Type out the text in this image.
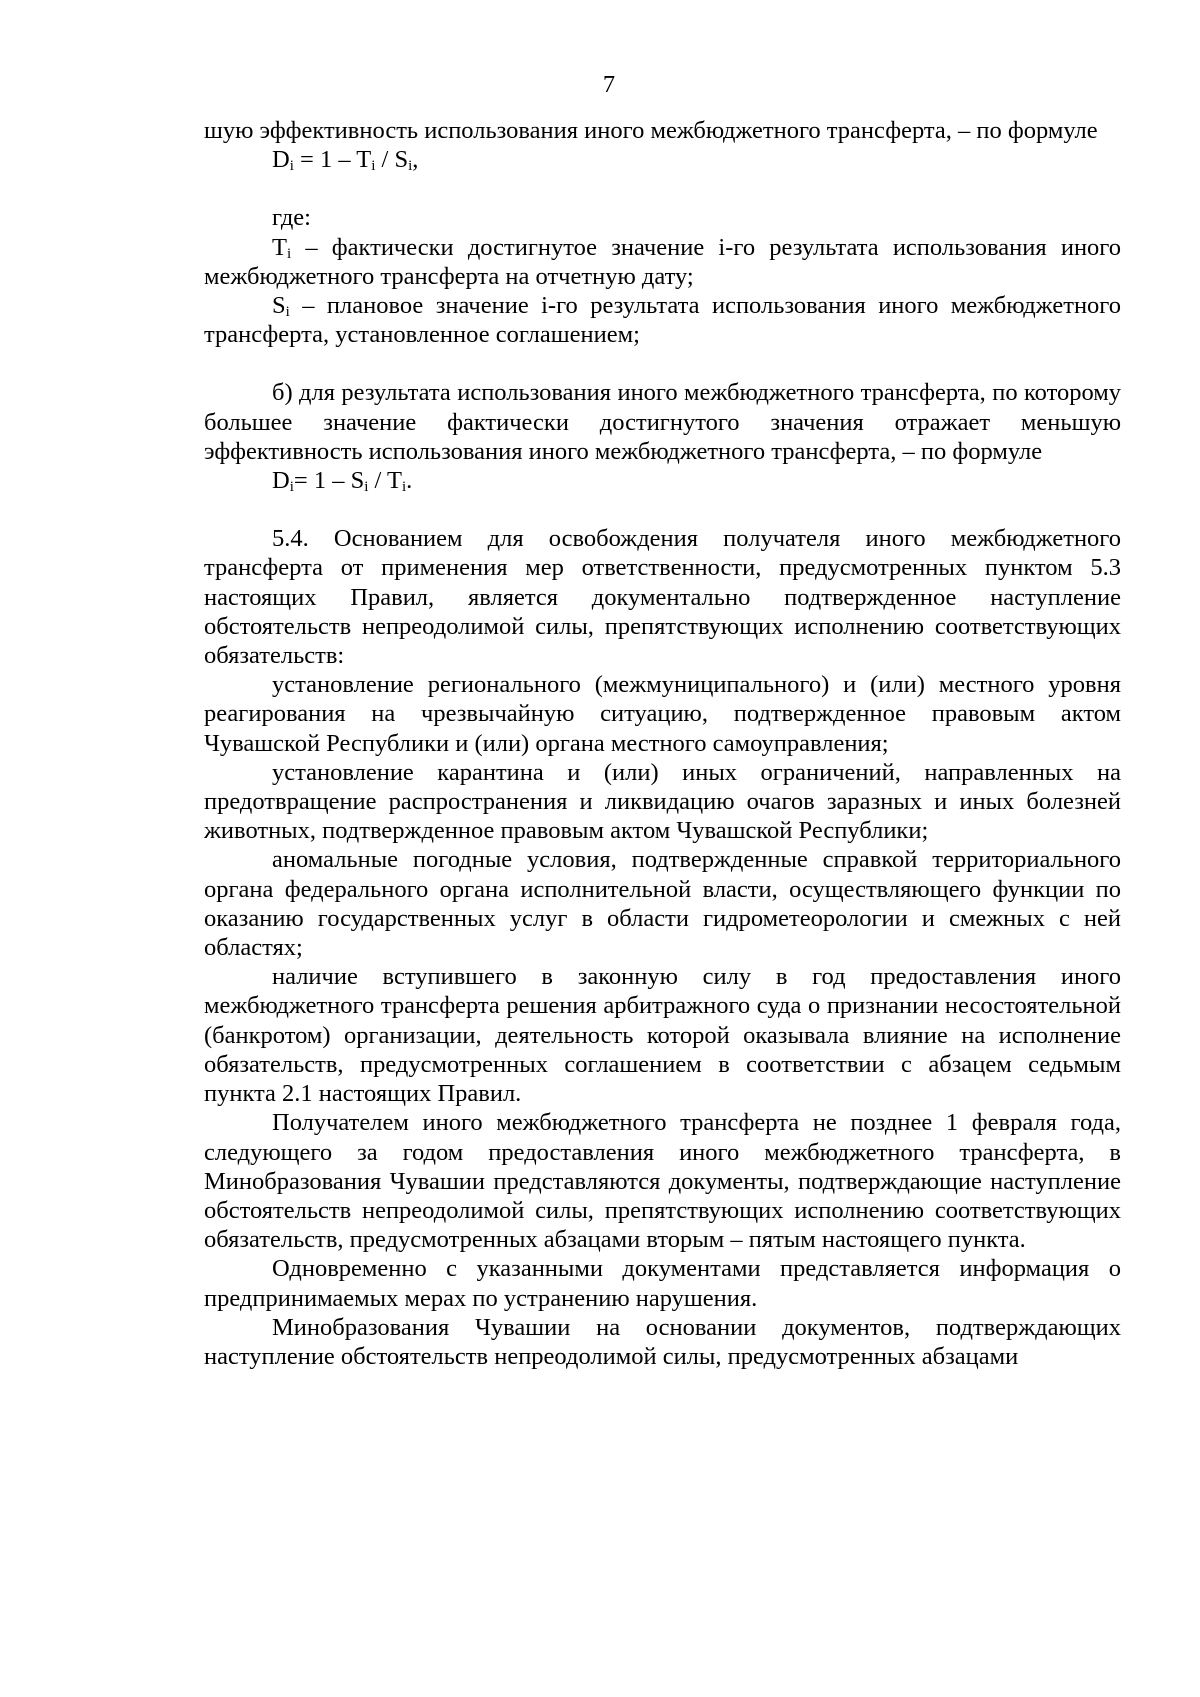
7

шую эффективность использования иного межбюджетного трансферта, – по формуле

$D_i = 1 - T_i / S_i$,

где:

$T_i$ – фактически достигнутое значение i-го результата использования иного межбюджетного трансферта на отчетную дату;

$S_i$ – плановое значение i-го результата использования иного межбюджетного трансферта, установленное соглашением;

б) для результата использования иного межбюджетного трансферта, по которому большее значение фактически достигнутого значения отражает меньшую эффективность использования иного межбюджетного трансферта, – по формуле

$D_i= 1 - S_i / T_i$.

5.4. Основанием для освобождения получателя иного межбюджетного трансферта от применения мер ответственности, предусмотренных пунктом 5.3 настоящих Правил, является документально подтвержденное наступление обстоятельств непреодолимой силы, препятствующих исполнению соответствующих обязательств:

установление регионального (межмуниципального) и (или) местного уровня реагирования на чрезвычайную ситуацию, подтвержденное правовым актом Чувашской Республики и (или) органа местного самоуправления;

установление карантина и (или) иных ограничений, направленных на предотвращение распространения и ликвидацию очагов заразных и иных болезней животных, подтвержденное правовым актом Чувашской Республики;

аномальные погодные условия, подтвержденные справкой территориального органа федерального органа исполнительной власти, осуществляющего функции по оказанию государственных услуг в области гидрометеорологии и смежных с ней областях;

наличие вступившего в законную силу в год предоставления иного межбюджетного трансферта решения арбитражного суда о признании несостоятельной (банкротом) организации, деятельность которой оказывала влияние на исполнение обязательств, предусмотренных соглашением в соответствии с абзацем седьмым пункта 2.1 настоящих Правил.

Получателем иного межбюджетного трансферта не позднее 1 февраля года, следующего за годом предоставления иного межбюджетного трансферта, в Минобразования Чувашии представляются документы, подтверждающие наступление обстоятельств непреодолимой силы, препятствующих исполнению соответствующих обязательств, предусмотренных абзацами вторым – пятым настоящего пункта.

Одновременно с указанными документами представляется информация о предпринимаемых мерах по устранению нарушения.

Минобразования Чувашии на основании документов, подтверждающих наступление обстоятельств непреодолимой силы, предусмотренных абзацами
